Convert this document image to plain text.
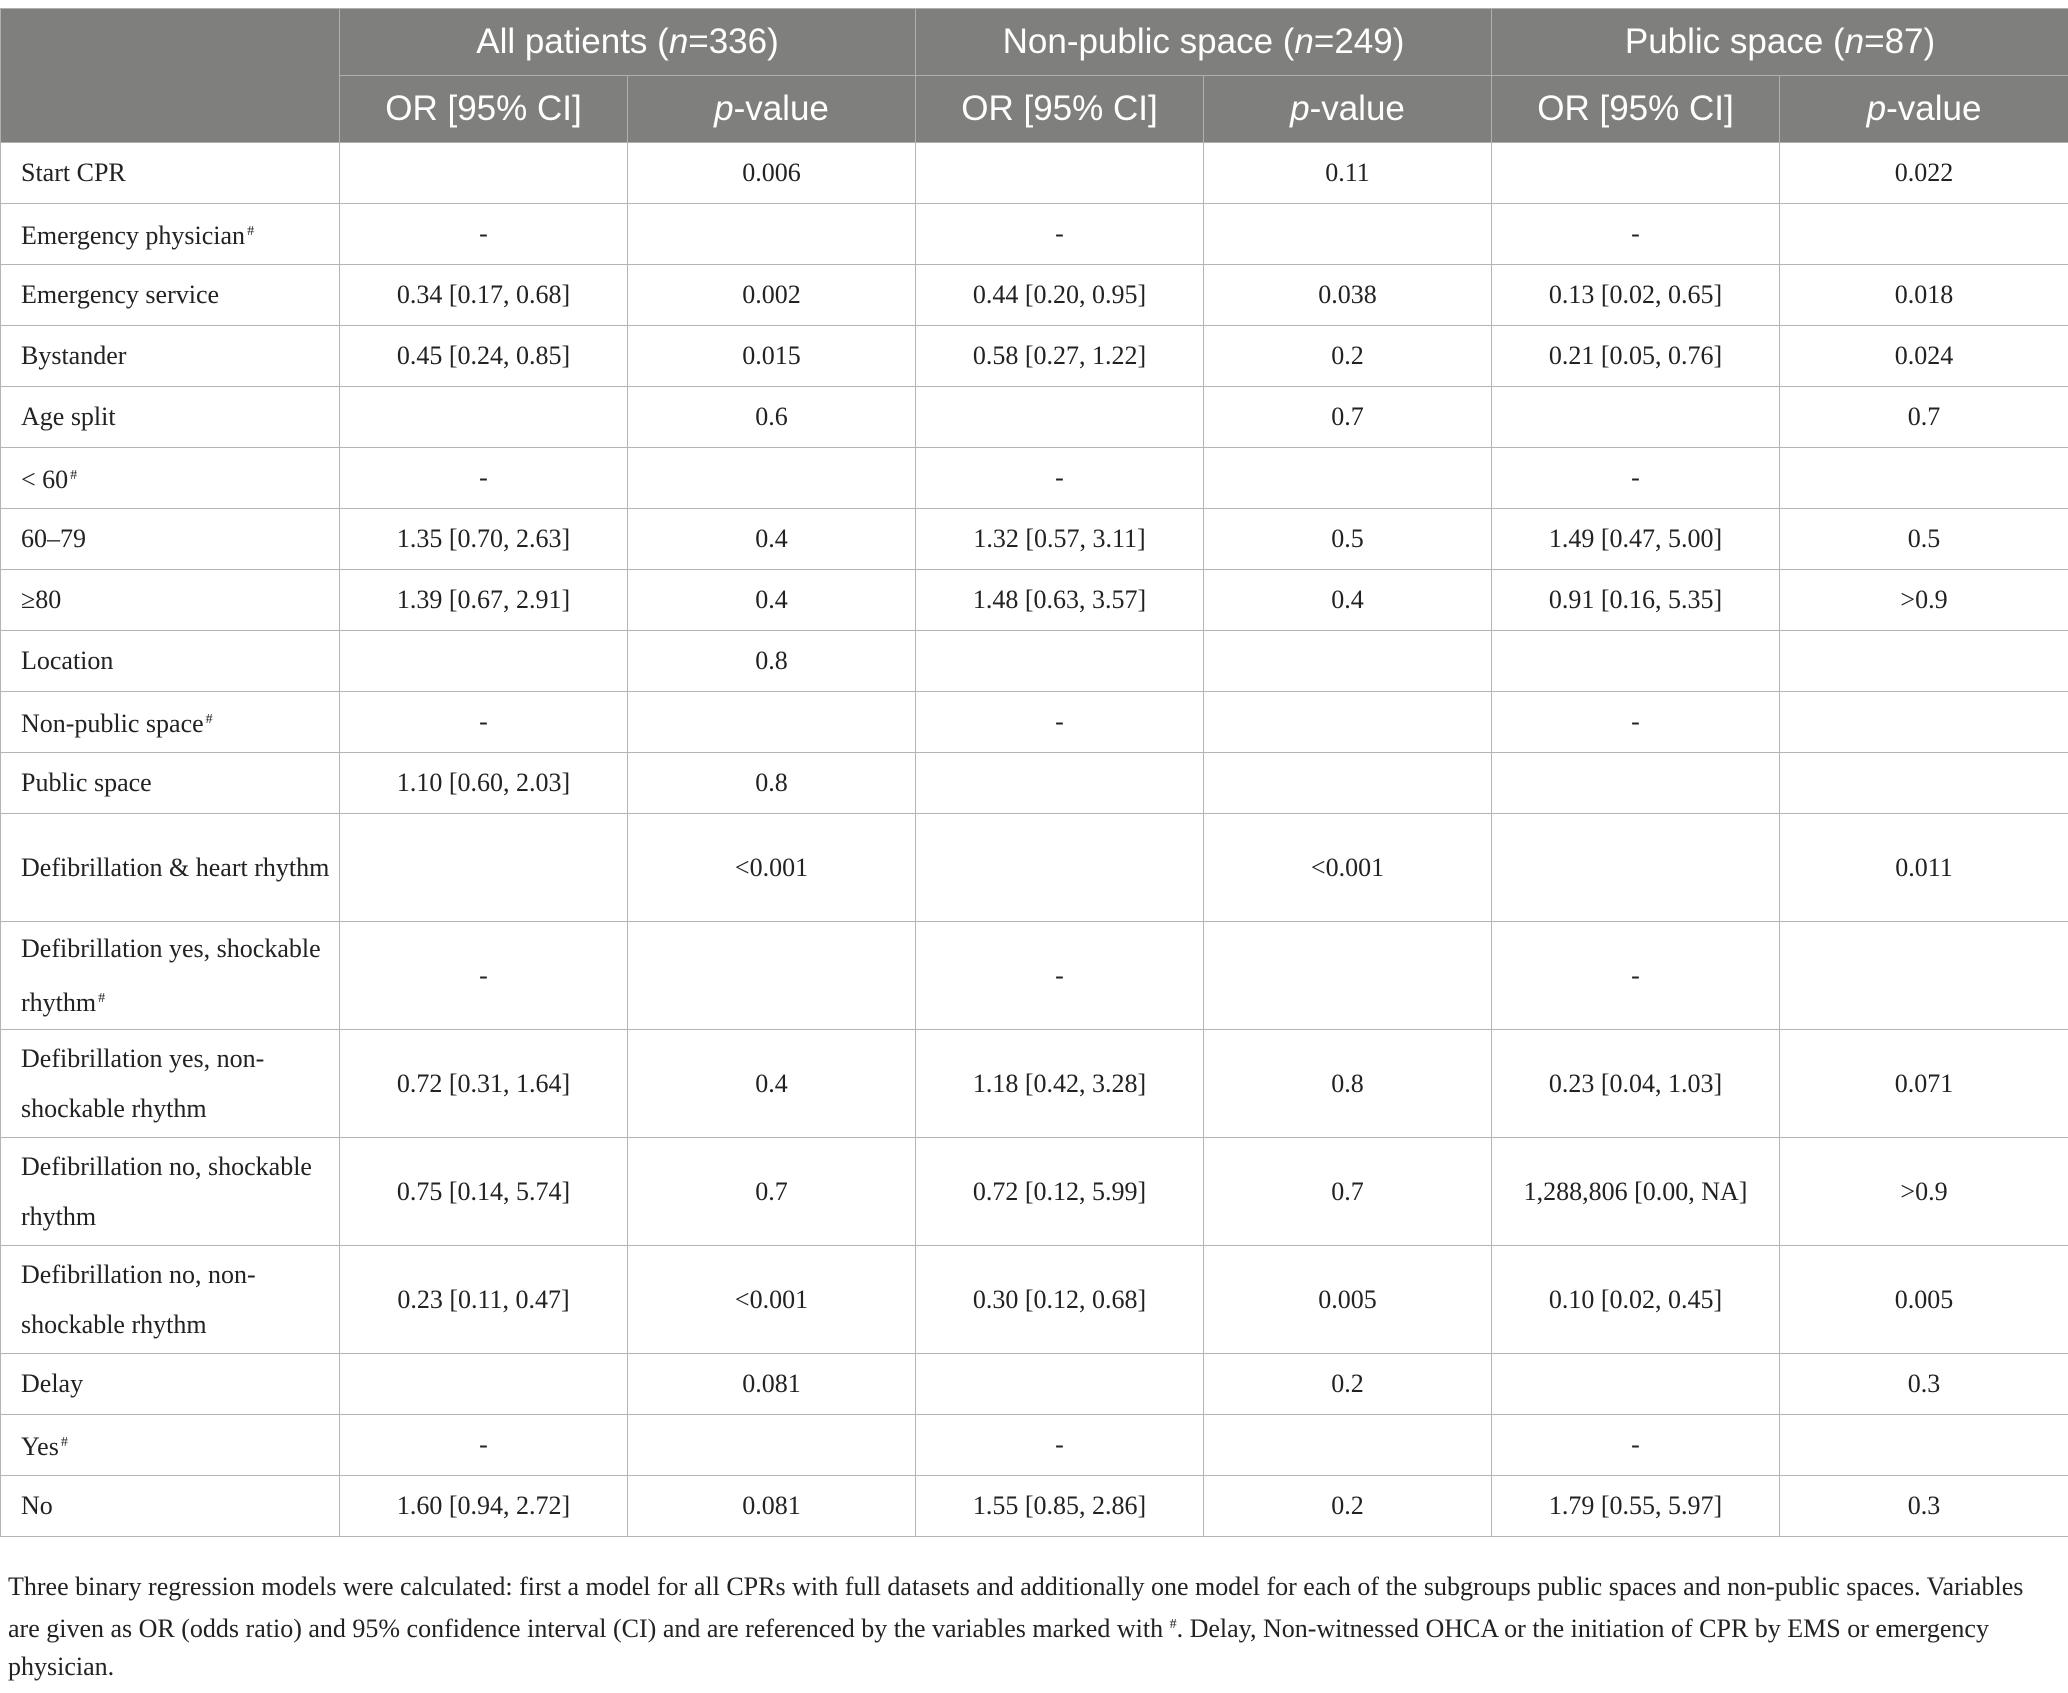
	All patients (n=336)		Non-public space (n=249)		Public space (n=87)	
	OR [95% CI]	p-value	OR [95% CI]	p-value	OR [95% CI]	p-value
Start CPR		0.006		0.11		0.022
Emergency physician #	-		-		-	
Emergency service	0.34 [0.17, 0.68]	0.002	0.44 [0.20, 0.95]	0.038	0.13 [0.02, 0.65]	0.018
Bystander	0.45 [0.24, 0.85]	0.015	0.58 [0.27, 1.22]	0.2	0.21 [0.05, 0.76]	0.024
Age split		0.6		0.7		0.7
< 60 #	-		-		-	
60–79	1.35 [0.70, 2.63]	0.4	1.32 [0.57, 3.11]	0.5	1.49 [0.47, 5.00]	0.5
≥80	1.39 [0.67, 2.91]	0.4	1.48 [0.63, 3.57]	0.4	0.91 [0.16, 5.35]	>0.9
Location		0.8				
Non-public space #	-		-		-	
Public space	1.10 [0.60, 2.03]	0.8				
Defibrillation & heart rhythm		<0.001		<0.001		0.011
Defibrillation yes, shockable rhythm #	-		-		-	
Defibrillation yes, non-shockable rhythm	0.72 [0.31, 1.64]	0.4	1.18 [0.42, 3.28]	0.8	0.23 [0.04, 1.03]	0.071
Defibrillation no, shockable rhythm	0.75 [0.14, 5.74]	0.7	0.72 [0.12, 5.99]	0.7	1,288,806 [0.00, NA]	>0.9
Defibrillation no, non-shockable rhythm	0.23 [0.11, 0.47]	<0.001	0.30 [0.12, 0.68]	0.005	0.10 [0.02, 0.45]	0.005
Delay		0.081		0.2		0.3
Yes #	-		-		-	
No	1.60 [0.94, 2.72]	0.081	1.55 [0.85, 2.86]	0.2	1.79 [0.55, 5.97]	0.3
Three binary regression models were calculated: first a model for all CPRs with full datasets and additionally one model for each of the subgroups public spaces and non-public spaces. Variables are given as OR (odds ratio) and 95% confidence interval (CI) and are referenced by the variables marked with #. Delay, Non-witnessed OHCA or the initiation of CPR by EMS or emergency physician.
